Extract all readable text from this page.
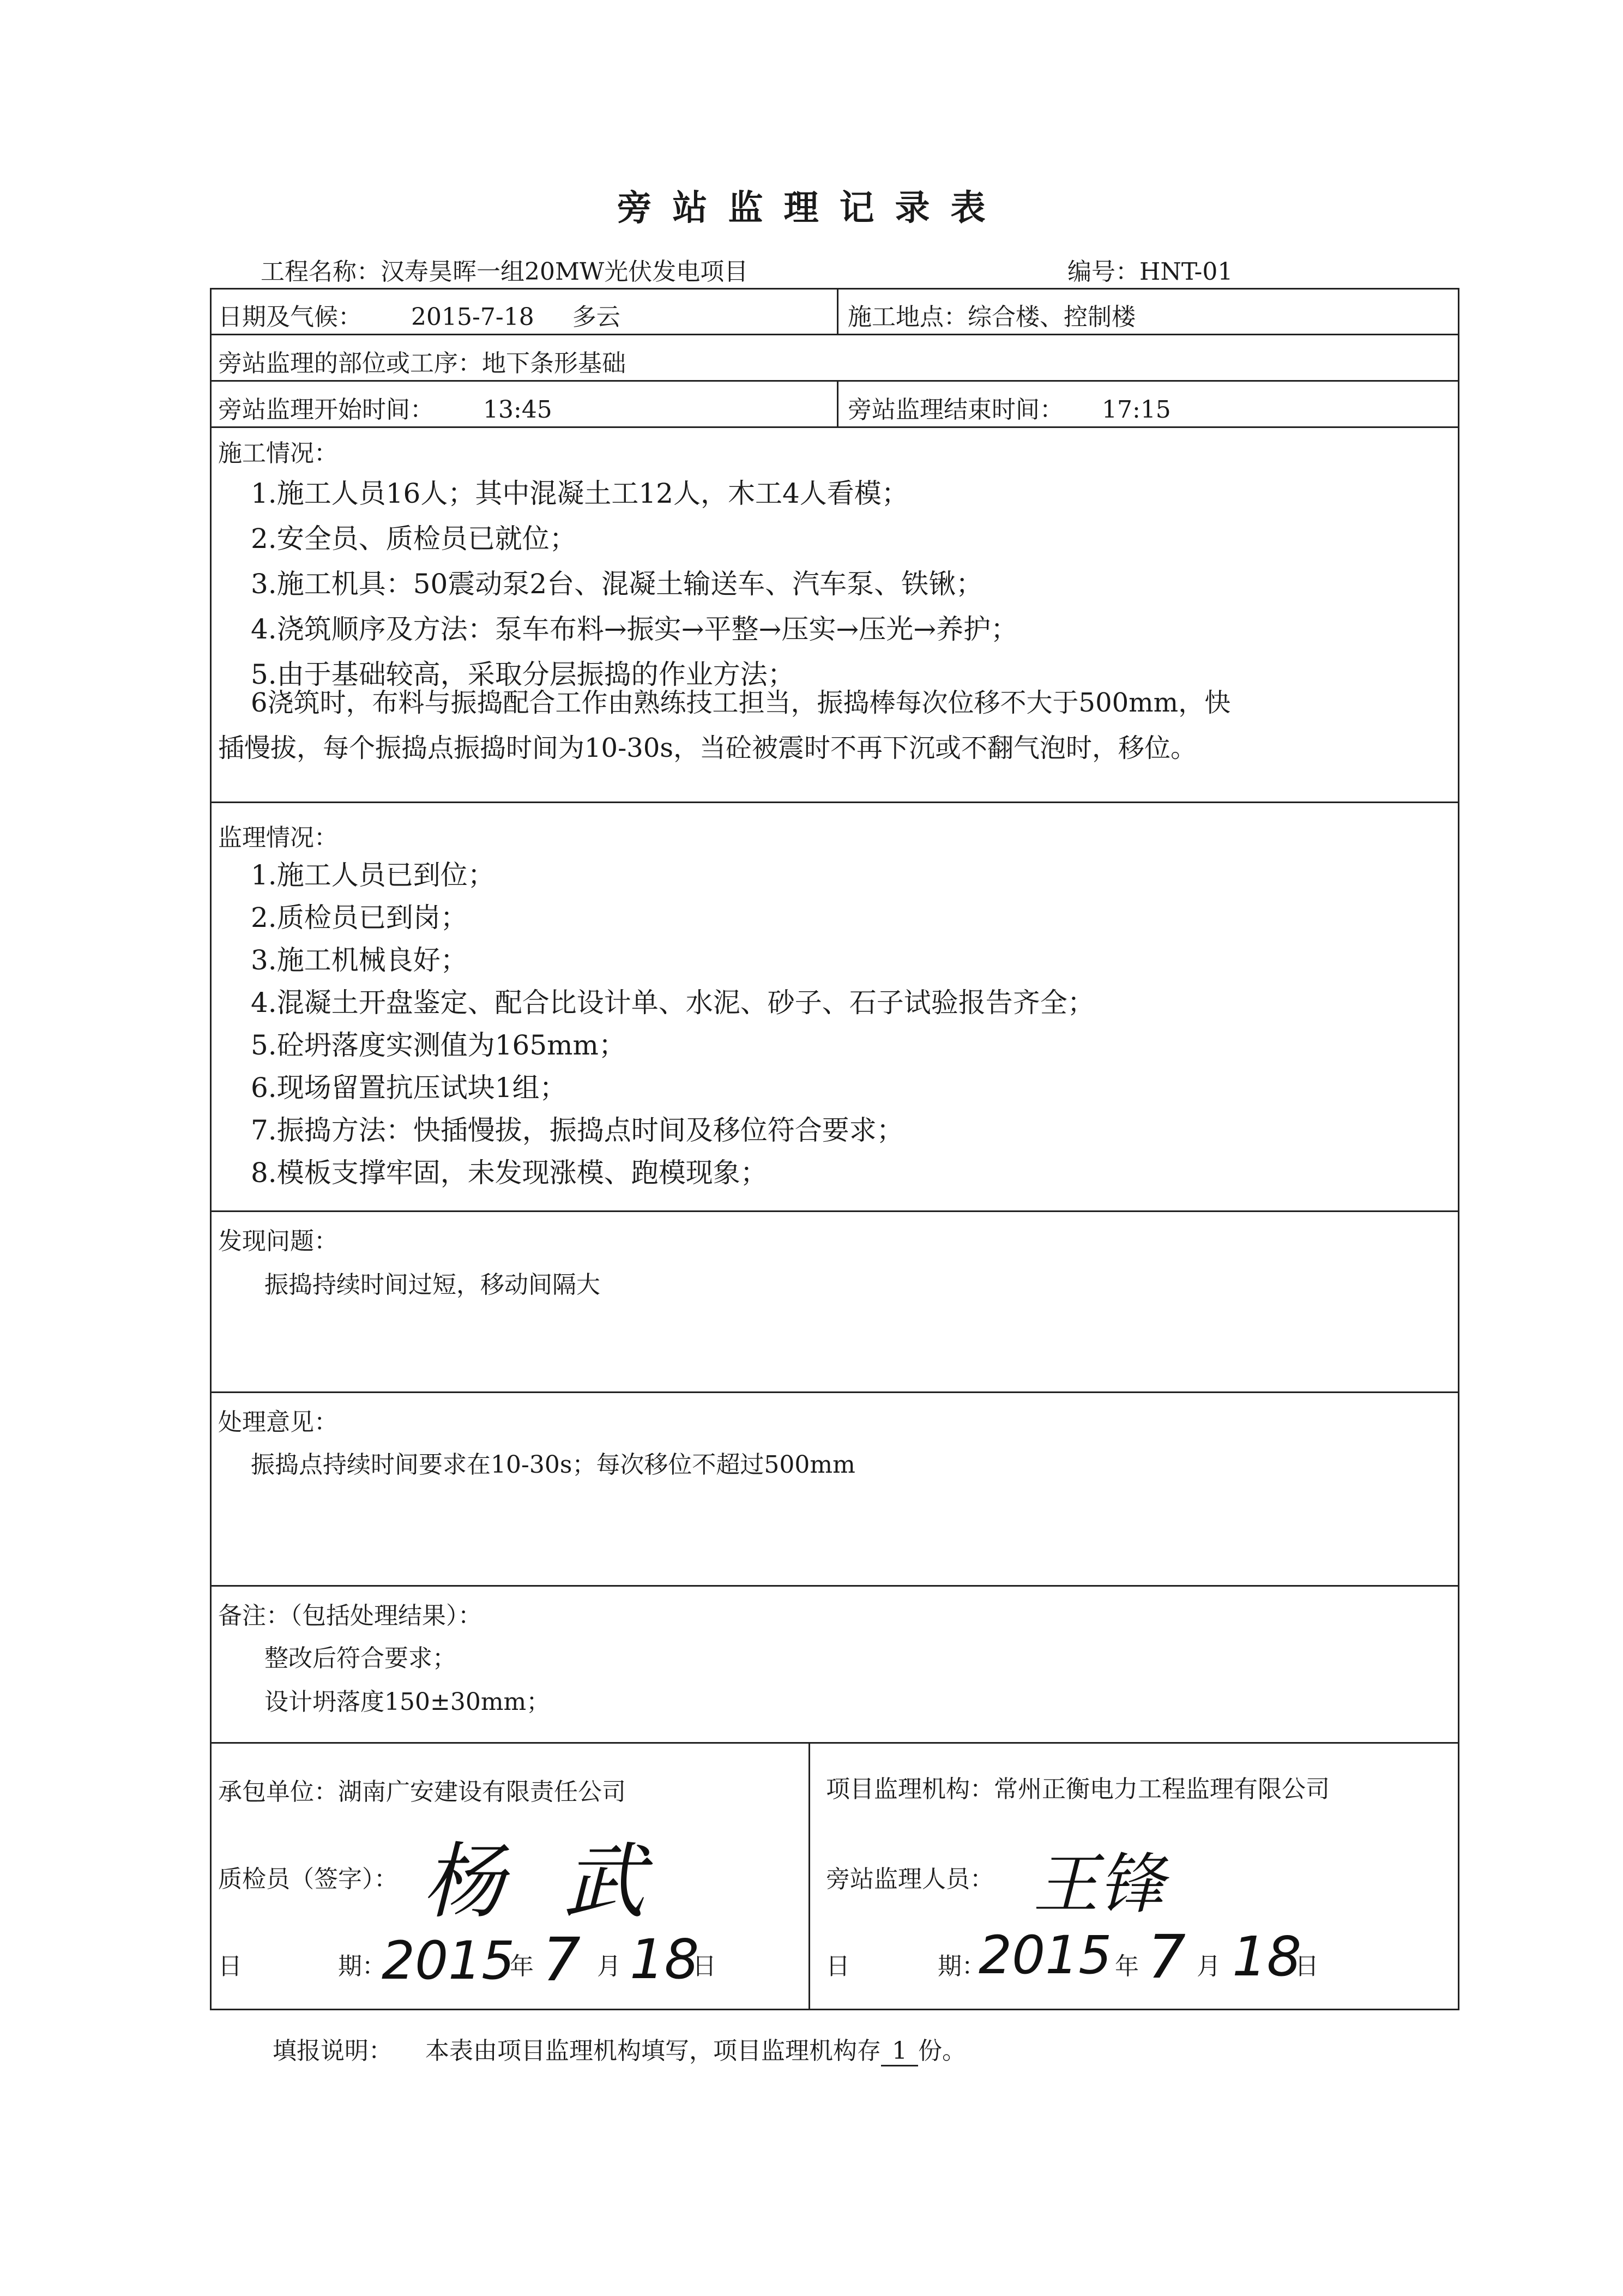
旁站监理记录表
工程名称：汉寿昊晖一组20MW光伏发电项目	编号：HNT-01
日期及气候： 2015-7-18 多云	施工地点：综合楼、控制楼
旁站监理的部位或工序：地下条形基础
旁站监理开始时间： 13:45	旁站监理结束时间： 17:15
施工情况：
1.施工人员16人；其中混凝土工12人，木工4人看模；
2.安全员、质检员已就位；
3.施工机具：50震动泵2台、混凝土输送车、汽车泵、铁锹；
4.浇筑顺序及方法：泵车布料→振实→平整→压实→压光→养护；
5.由于基础较高，采取分层振捣的作业方法；
6浇筑时，布料与振捣配合工作由熟练技工担当，振捣棒每次位移不大于500mm，快
插慢拔，每个振捣点振捣时间为10-30s，当砼被震时不再下沉或不翻气泡时，移位。
监理情况：
1.施工人员已到位；
2.质检员已到岗；
3.施工机械良好；
4.混凝土开盘鉴定、配合比设计单、水泥、砂子、石子试验报告齐全；
5.砼坍落度实测值为165mm；
6.现场留置抗压试块1组；
7.振捣方法：快插慢拔，振捣点时间及移位符合要求；
8.模板支撑牢固，未发现涨模、跑模现象；
发现问题：
振捣持续时间过短，移动间隔大
处理意见：
振捣点持续时间要求在10-30s；每次移位不超过500mm
备注：（包括处理结果）：
整改后符合要求；
设计坍落度150±30mm；
承包单位：湖南广安建设有限责任公司
质检员（签字）： 杨 武
日	期：
2015
年 7 月 18
日
项目监理机构：常州正衡电力工程监理有限公司
旁站监理人员： 王锋
日	期：
2015 年 7 月 18
日
填报说明： 本表由项目监理机构填写，项目监理机构存 1 份。
